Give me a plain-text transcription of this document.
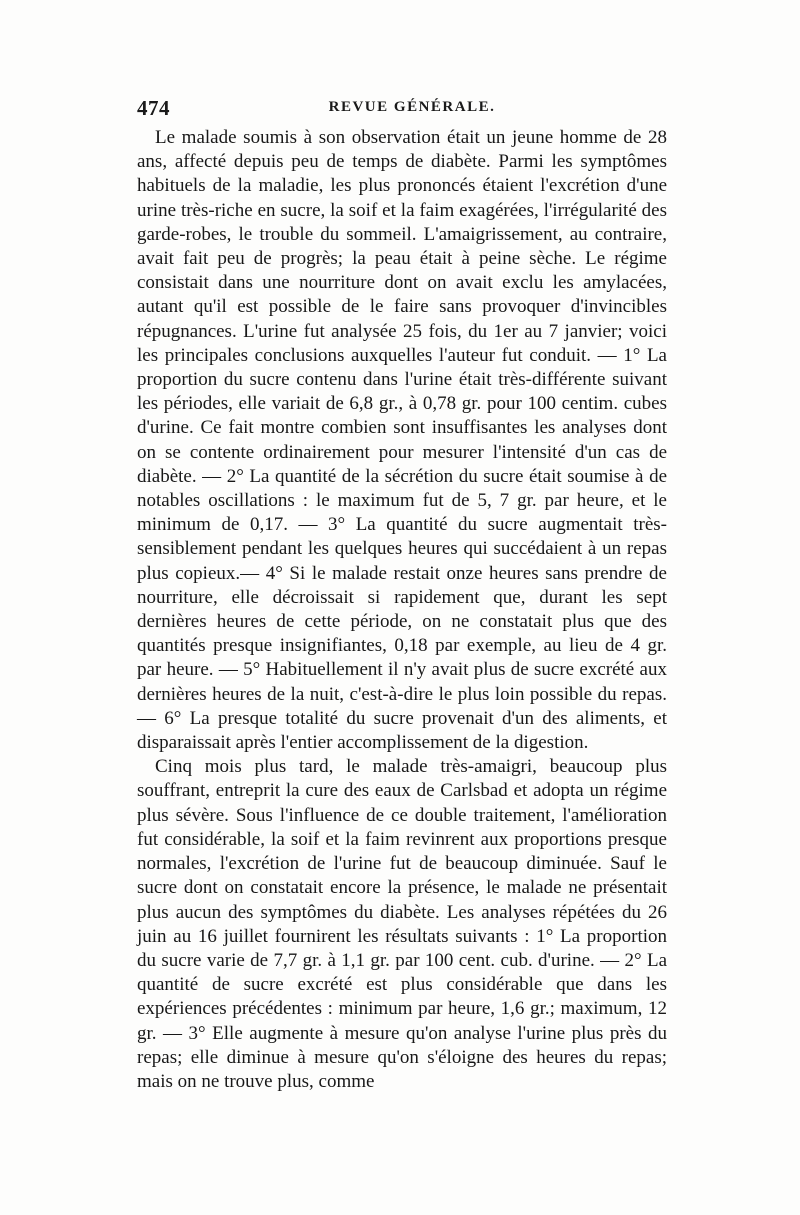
474	REVUE GÉNÉRALE.

Le malade soumis à son observation était un jeune homme de 28 ans, affecté depuis peu de temps de diabète. Parmi les symptômes habituels de la maladie, les plus prononcés étaient l'excrétion d'une urine très-riche en sucre, la soif et la faim exagérées, l'irrégularité des garde-robes, le trouble du sommeil. L'amaigrissement, au contraire, avait fait peu de progrès; la peau était à peine sèche. Le régime consistait dans une nourriture dont on avait exclu les amylacées, autant qu'il est possible de le faire sans provoquer d'invincibles répugnances. L'urine fut analysée 25 fois, du 1er au 7 janvier; voici les principales conclusions auxquelles l'auteur fut conduit. — 1° La proportion du sucre contenu dans l'urine était très-différente suivant les périodes, elle variait de 6,8 gr., à 0,78 gr. pour 100 centim. cubes d'urine. Ce fait montre combien sont insuffisantes les analyses dont on se contente ordinairement pour mesurer l'intensité d'un cas de diabète. — 2° La quantité de la sécrétion du sucre était soumise à de notables oscillations : le maximum fut de 5, 7 gr. par heure, et le minimum de 0,17. — 3° La quantité du sucre augmentait très-sensiblement pendant les quelques heures qui succédaient à un repas plus copieux.— 4° Si le malade restait onze heures sans prendre de nourriture, elle décroissait si rapidement que, durant les sept dernières heures de cette période, on ne constatait plus que des quantités presque insignifiantes, 0,18 par exemple, au lieu de 4 gr. par heure. — 5° Habituellement il n'y avait plus de sucre excrété aux dernières heures de la nuit, c'est-à-dire le plus loin possible du repas. — 6° La presque totalité du sucre provenait d'un des aliments, et disparaissait après l'entier accomplissement de la digestion.

Cinq mois plus tard, le malade très-amaigri, beaucoup plus souffrant, entreprit la cure des eaux de Carlsbad et adopta un régime plus sévère. Sous l'influence de ce double traitement, l'amélioration fut considérable, la soif et la faim revinrent aux proportions presque normales, l'excrétion de l'urine fut de beaucoup diminuée. Sauf le sucre dont on constatait encore la présence, le malade ne présentait plus aucun des symptômes du diabète. Les analyses répétées du 26 juin au 16 juillet fournirent les résultats suivants : 1° La proportion du sucre varie de 7,7 gr. à 1,1 gr. par 100 cent. cub. d'urine. — 2° La quantité de sucre excrété est plus considérable que dans les expériences précédentes : minimum par heure, 1,6 gr.; maximum, 12 gr. — 3° Elle augmente à mesure qu'on analyse l'urine plus près du repas; elle diminue à mesure qu'on s'éloigne des heures du repas; mais on ne trouve plus, comme
